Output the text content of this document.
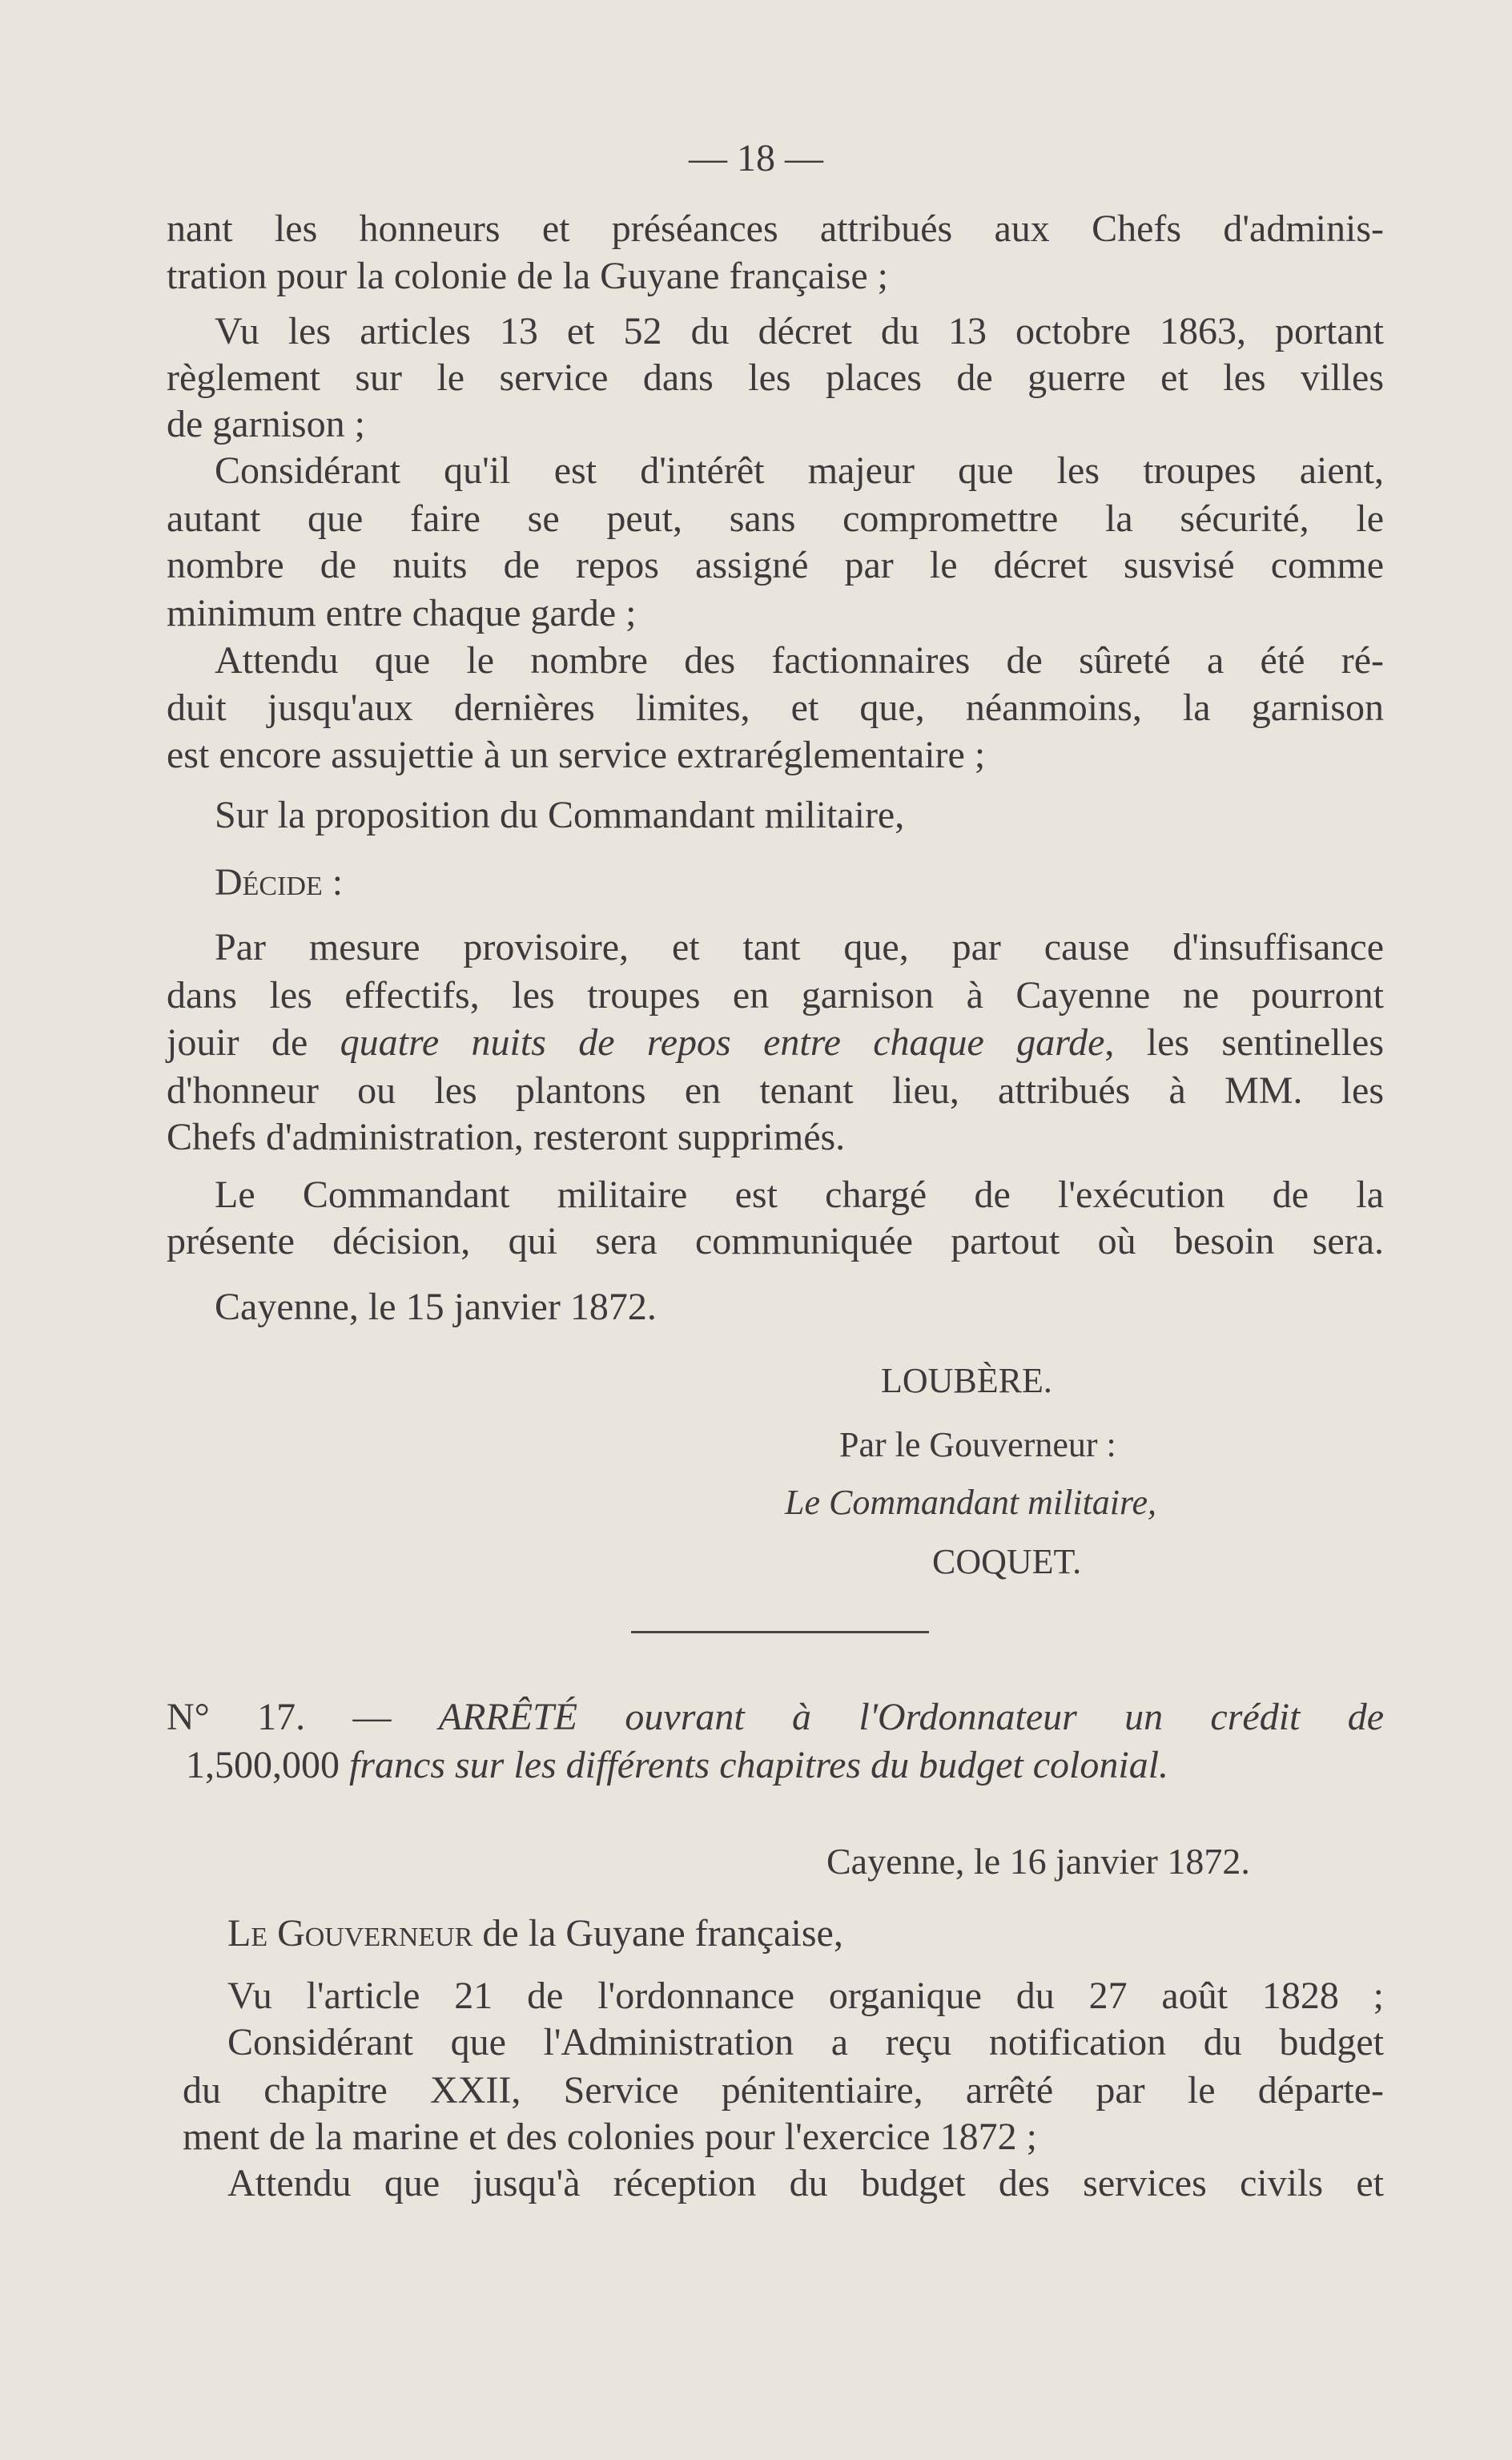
— 18 —
nant les honneurs et préséances attribués aux Chefs d'adminis-
tration pour la colonie de la Guyane française ;
Vu les articles 13 et 52 du décret du 13 octobre 1863, portant
règlement sur le service dans les places de guerre et les villes
de garnison ;
Considérant qu'il est d'intérêt majeur que les troupes aient,
autant que faire se peut, sans compromettre la sécurité, le
nombre de nuits de repos assigné par le décret susvisé comme
minimum entre chaque garde ;
Attendu que le nombre des factionnaires de sûreté a été ré-
duit jusqu'aux dernières limites, et que, néanmoins, la garnison
est encore assujettie à un service extraréglementaire ;
Sur la proposition du Commandant militaire,
Décide :
Par mesure provisoire, et tant que, par cause d'insuffisance
dans les effectifs, les troupes en garnison à Cayenne ne pourront
jouir de quatre nuits de repos entre chaque garde, les sentinelles
d'honneur ou les plantons en tenant lieu, attribués à MM. les
Chefs d'administration, resteront supprimés.
Le Commandant militaire est chargé de l'exécution de la
présente décision, qui sera communiquée partout où besoin sera.
Cayenne, le 15 janvier 1872.
LOUBÈRE.
Par le Gouverneur :
Le Commandant militaire,
COQUET.
N° 17. — ARRÊTÉ ouvrant à l'Ordonnateur un crédit de
1,500,000 francs sur les différents chapitres du budget colonial.
Cayenne, le 16 janvier 1872.
Le Gouverneur de la Guyane française,
Vu l'article 21 de l'ordonnance organique du 27 août 1828 ;
Considérant que l'Administration a reçu notification du budget
du chapitre XXII, Service pénitentiaire, arrêté par le départe-
ment de la marine et des colonies pour l'exercice 1872 ;
Attendu que jusqu'à réception du budget des services civils et
